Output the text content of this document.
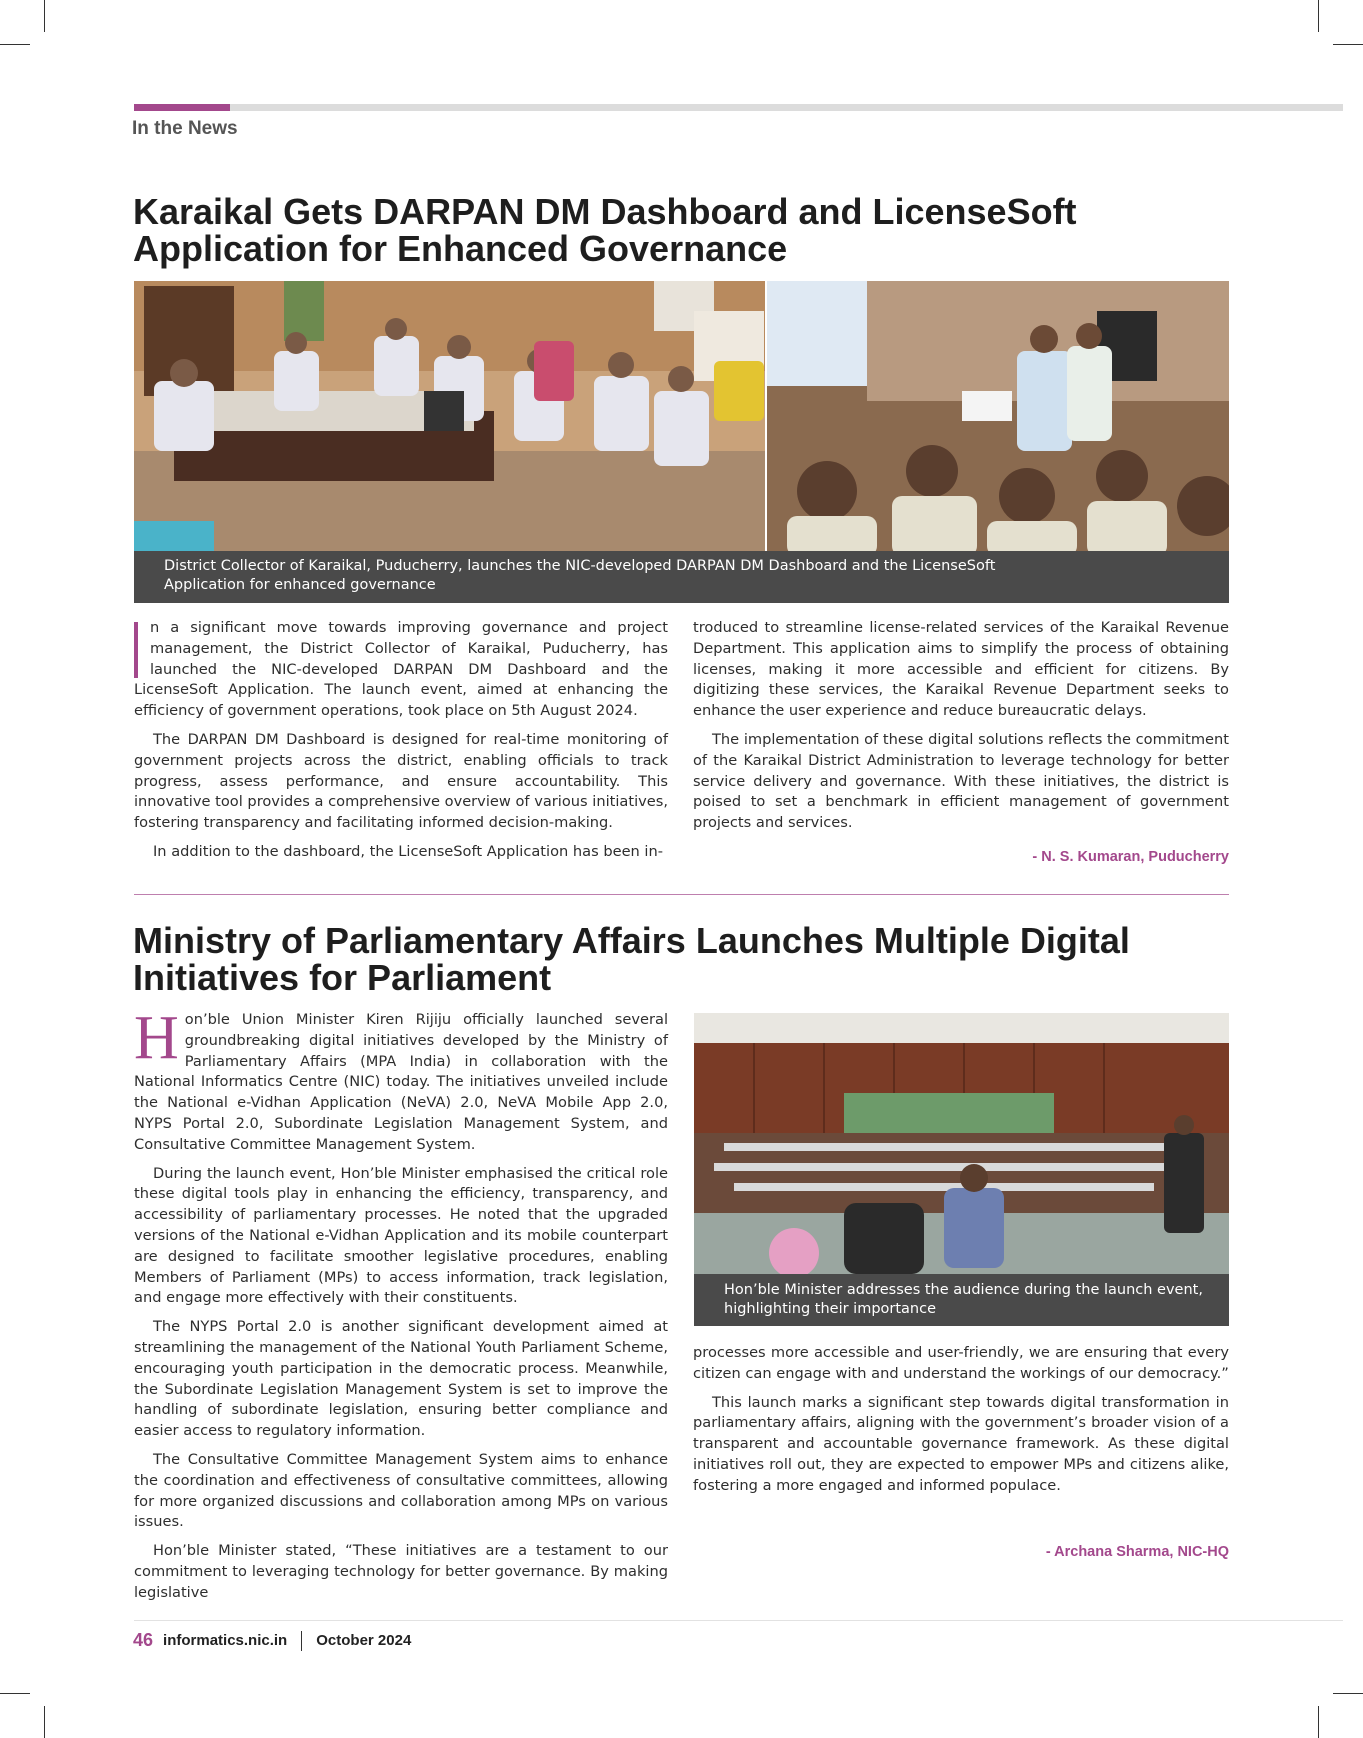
In the News
Karaikal Gets DARPAN DM Dashboard and LicenseSoft Application for Enhanced Governance
District Collector of Karaikal, Puducherry, launches the NIC-developed DARPAN DM Dashboard and the LicenseSoft Application for enhanced governance

n a significant move towards improving governance and project management, the District Collector of Karaikal, Puducherry, has launched the NIC-developed DARPAN DM Dashboard and the LicenseSoft Application. The launch event, aimed at enhancing the efficiency of government operations, took place on 5th August 2024.

The DARPAN DM Dashboard is designed for real-time monitoring of government projects across the district, enabling officials to track progress, assess performance, and ensure accountability. This innovative tool provides a comprehensive overview of various initiatives, fostering transparency and facilitating informed decision-making.

In addition to the dashboard, the LicenseSoft Application has been in-

troduced to streamline license-related services of the Karaikal Revenue Department. This application aims to simplify the process of obtaining licenses, making it more accessible and efficient for citizens. By digitizing these services, the Karaikal Revenue Department seeks to enhance the user experience and reduce bureaucratic delays.

The implementation of these digital solutions reflects the commitment of the Karaikal District Administration to leverage technology for better service delivery and governance. With these initiatives, the district is poised to set a benchmark in efficient management of government projects and services.

- N. S. Kumaran, Puducherry
Ministry of Parliamentary Affairs Launches Multiple Digital Initiatives for Parliament

Hon’ble Union Minister Kiren Rijiju officially launched several groundbreaking digital initiatives developed by the Ministry of Parliamentary Affairs (MPA India) in collaboration with the National Informatics Centre (NIC) today. The initiatives unveiled include the National e-Vidhan Application (NeVA) 2.0, NeVA Mobile App 2.0, NYPS Portal 2.0, Subordinate Legislation Management System, and Consultative Committee Management System.

During the launch event, Hon’ble Minister emphasised the critical role these digital tools play in enhancing the efficiency, transparency, and accessibility of parliamentary processes. He noted that the upgraded versions of the National e-Vidhan Application and its mobile counterpart are designed to facilitate smoother legislative procedures, enabling Members of Parliament (MPs) to access information, track legislation, and engage more effectively with their constituents.

The NYPS Portal 2.0 is another significant development aimed at streamlining the management of the National Youth Parliament Scheme, encouraging youth participation in the democratic process. Meanwhile, the Subordinate Legislation Management System is set to improve the handling of subordinate legislation, ensuring better compliance and easier access to regulatory information.

The Consultative Committee Management System aims to enhance the coordination and effectiveness of consultative committees, allowing for more organized discussions and collaboration among MPs on various issues.

Hon’ble Minister stated, “These initiatives are a testament to our commitment to leveraging technology for better governance. By making legislative

Hon’ble Minister addresses the audience during the launch event, highlighting their importance

processes more accessible and user-friendly, we are ensuring that every citizen can engage with and understand the workings of our democracy.”

This launch marks a significant step towards digital transformation in parliamentary affairs, aligning with the government’s broader vision of a transparent and accountable governance framework. As these digital initiatives roll out, they are expected to empower MPs and citizens alike, fostering a more engaged and informed populace.

- Archana Sharma, NIC-HQ
46 informatics.nic.in October 2024
